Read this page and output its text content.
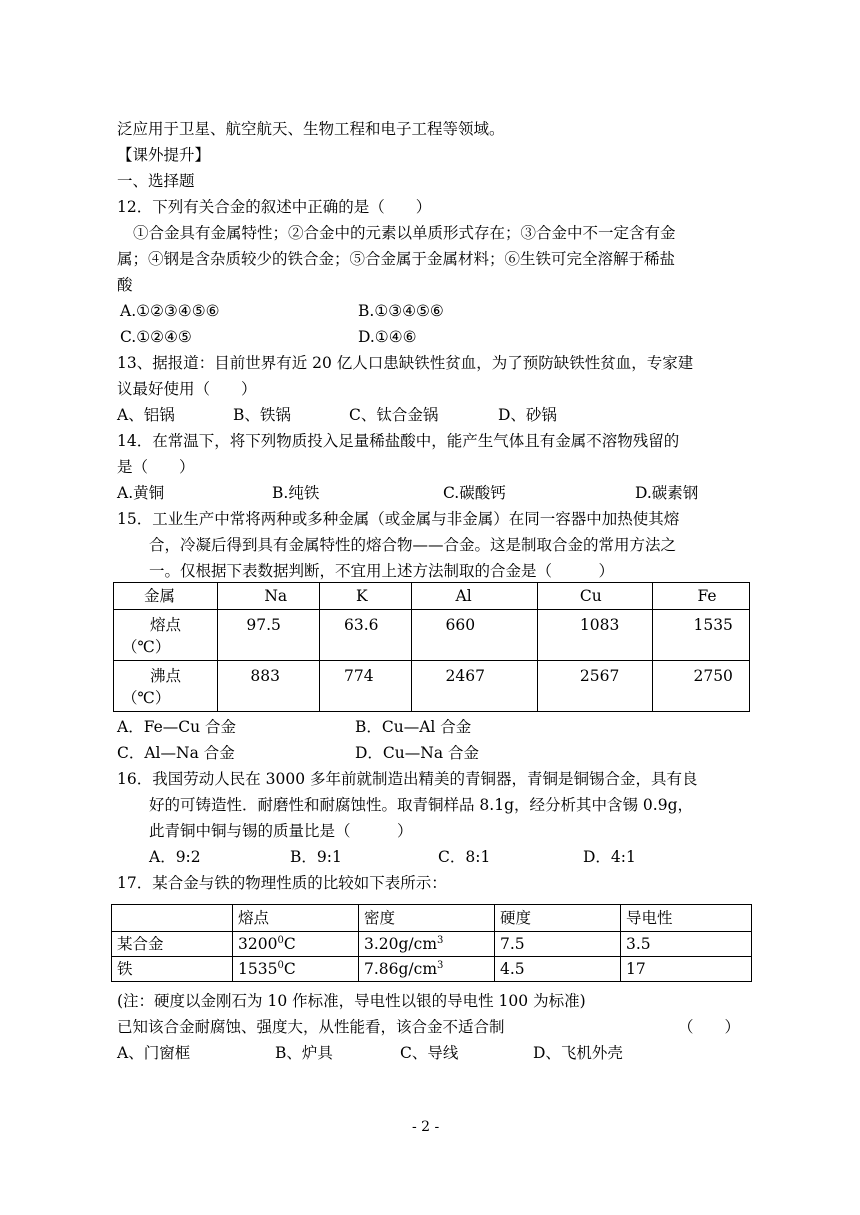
泛应用于卫星、航空航天、生物工程和电子工程等领域。
【课外提升】
一、选择题
12．下列有关合金的叙述中正确的是（　　）
①合金具有金属特性；②合金中的元素以单质形式存在；③合金中不一定含有金
属；④钢是含杂质较少的铁合金；⑤合金属于金属材料；⑥生铁可完全溶解于稀盐
酸
A.①②③④⑤⑥	B.①③④⑤⑥
C.①②④⑤	D.①④⑥
13、据报道：目前世界有近 20 亿人口患缺铁性贫血，为了预防缺铁性贫血，专家建
议最好使用（　　）
A、铝锅	B、铁锅	C、钛合金锅	D、砂锅
14．在常温下，将下列物质投入足量稀盐酸中，能产生气体且有金属不溶物残留的
是（　　）
A.黄铜	B.纯铁	C.碳酸钙	D.碳素钢
15．工业生产中常将两种或多种金属（或金属与非金属）在同一容器中加热使其熔
合，冷凝后得到具有金属特性的熔合物——合金。这是制取合金的常用方法之
一。仅根据下表数据判断，不宜用上述方法制取的合金是（　　　）
金属	Na	K	Al	Cu	Fe

熔点
（℃）	97.5	63.6	660	1083	1535

沸点
（℃）	883	774	2467	2567	2750
A．Fe—Cu 合金	B．Cu—Al 合金
C．Al—Na 合金	D．Cu—Na 合金
16．我国劳动人民在 3000 多年前就制造出精美的青铜器，青铜是铜锡合金，具有良
好的可铸造性．耐磨性和耐腐蚀性。取青铜样品 8.1g，经分析其中含锡 0.9g，
此青铜中铜与锡的质量比是（　　　）
A．9:2	B．9:1	C．8:1	D．4:1
17．某合金与铁的物理性质的比较如下表所示：
	熔点	密度	硬度	导电性
某合金	3200$^0$C	$3.20g/cm^3$	7.5	3.5
铁	1535$^0$C	$7.86g/cm^3$	4.5	17
(注：硬度以金刚石为 10 作标准，导电性以银的导电性 100 为标准)
已知该合金耐腐蚀、强度大，从性能看，该合金不适合制	（　　）
A、门窗框	B、炉具	C、导线	D、飞机外壳
- 2 -
